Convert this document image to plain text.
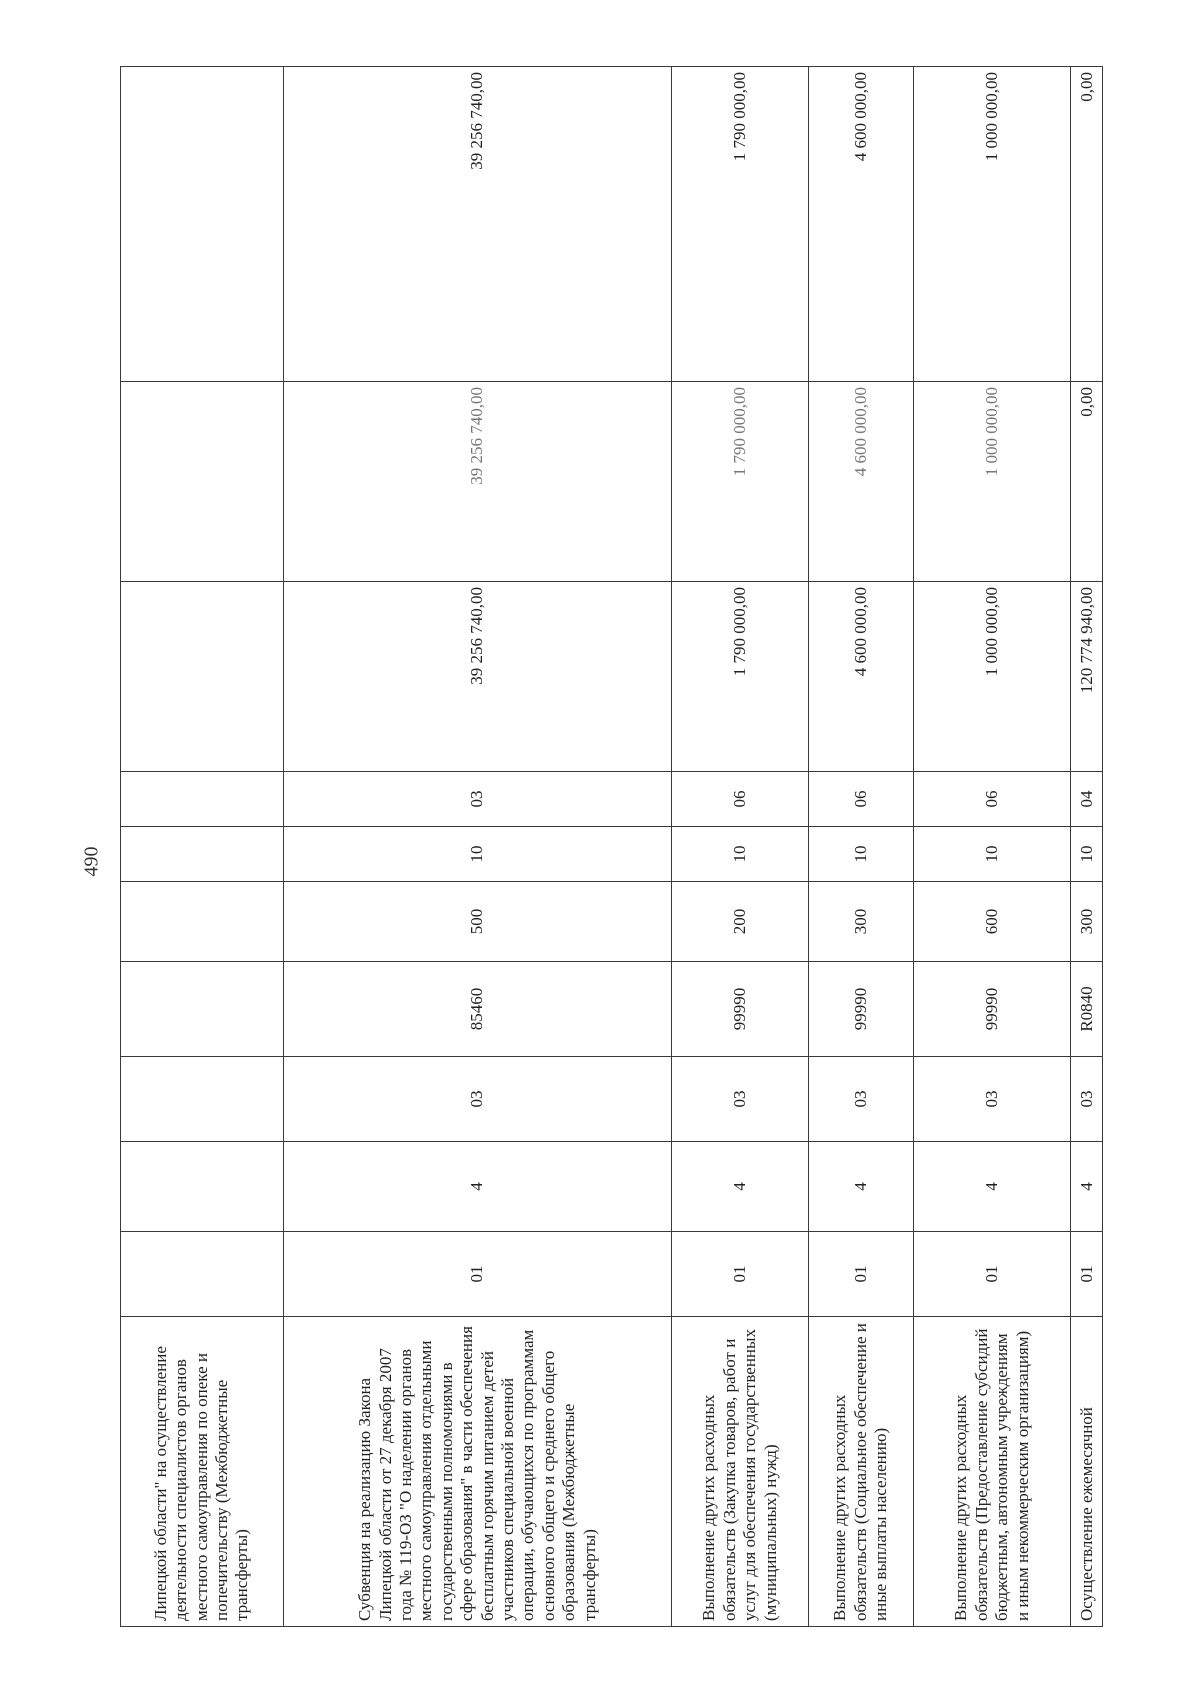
490
Липецкой области" на осуществление деятельности специалистов органов местного самоуправления по опеке и попечительству (Межбюджетные трансферты)										
Субвенция на реализацию Закона Липецкой области от 27 декабря 2007 года № 119-ОЗ "О наделении органов местного самоуправления отдельными государственными полномочиями в сфере образования" в части обеспечения бесплатным горячим питанием детей участников специальной военной операции, обучающихся по программам основного общего и среднего общего образования (Межбюджетные трансферты)	01	4	03	85460	500	10	03	39 256 740,00	39 256 740,00	39 256 740,00
Выполнение других расходных обязательств (Закупка товаров, работ и услуг для обеспечения государственных (муниципальных) нужд)	01	4	03	99990	200	10	06	1 790 000,00	1 790 000,00	1 790 000,00
Выполнение других расходных обязательств (Социальное обеспечение и иные выплаты населению)	01	4	03	99990	300	10	06	4 600 000,00	4 600 000,00	4 600 000,00
Выполнение других расходных обязательств (Предоставление субсидий бюджетным, автономным учреждениям и иным некоммерческим организациям)	01	4	03	99990	600	10	06	1 000 000,00	1 000 000,00	1 000 000,00
Осуществление ежемесячной	01	4	03	R0840	300	10	04	120 774 940,00	0,00	0,00
